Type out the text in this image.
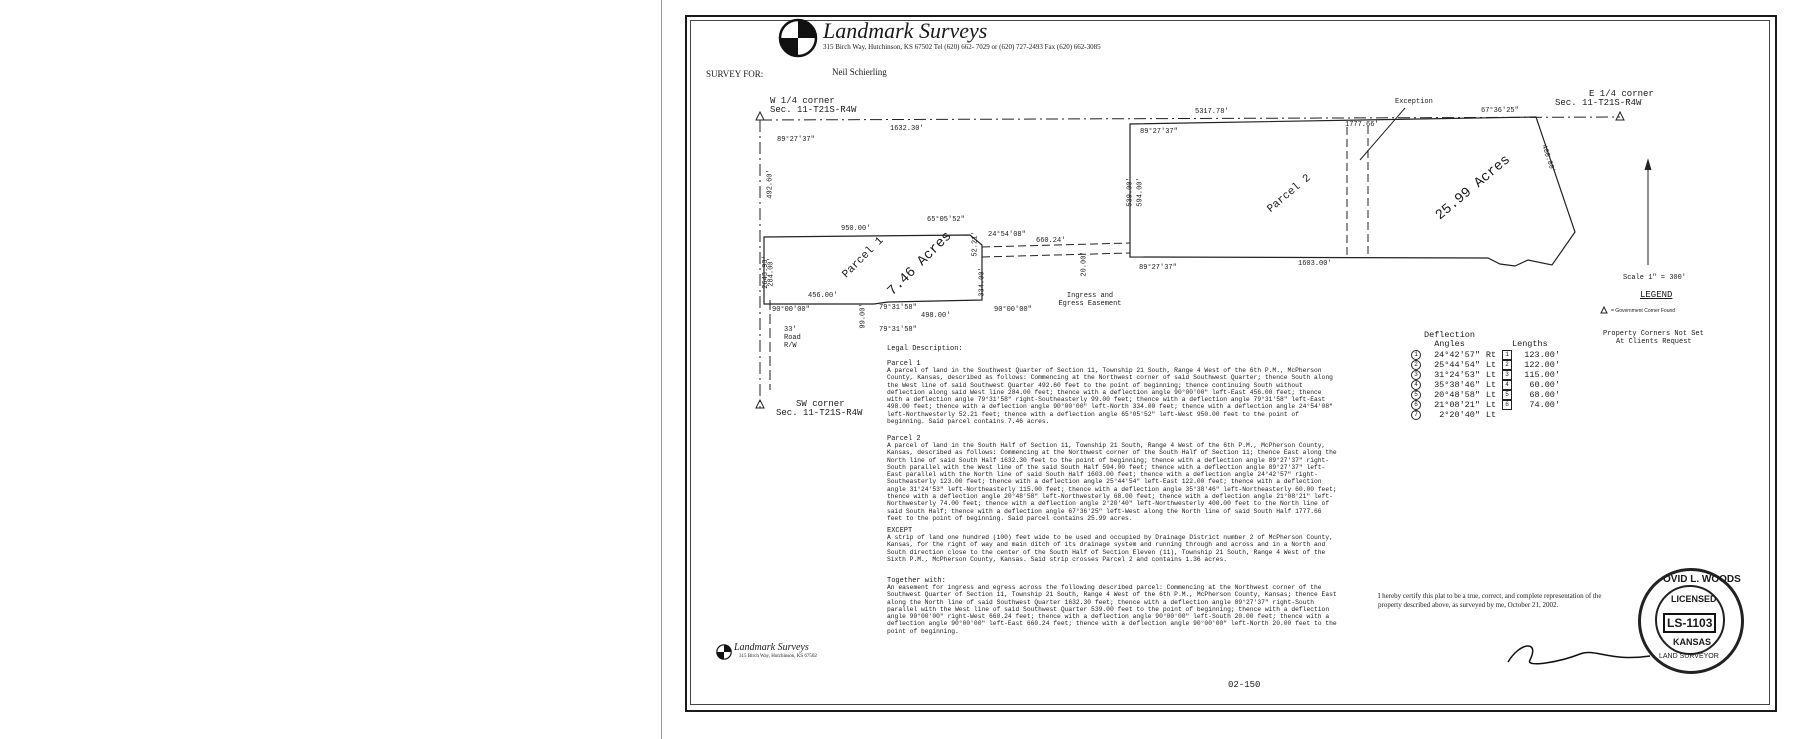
Landmark Surveys
315 Birch Way, Hutchinson, KS 67502 Tel (620) 662- 7029 or (620) 727-2493 Fax (620) 662-3085
SURVEY FOR:	Neil Schierling
W 1/4 corner
Sec. 11-T21S-R4W
E 1/4 corner
Sec. 11-T21S-R4W
SW corner
Sec. 11-T21S-R4W
5317.78'
1632.30'	1777.66'
Exception
67°36'25"
89°27'37"
89°27'37"
89°27'37"
492.60'
2643.93'
284.00'
950.00'
65°05'52"
52.21' 24°54'08"
660.24'
20.00'
456.00'
498.00'
334.00'
99.00'
90°00'00"	90°00'00"
79°31'58"
79°31'58"
539.00' 594.00'
1603.00'
400.00'
Parcel 1
7.46 Acres
Parcel 2	25.99 Acres
Ingress and Egress Easement
33'
Road
R/W
Scale 1" = 300'
LEGEND
= Government Corner Found
Property Corners Not Set
At Clients Request
Deflection
Angles	Lengths
1	24°42'57" Rt	1	123.00'
2	25°44'54" Lt	2	122.00'
3	31°24'53" Lt	3	115.00'
4	35°38'46" Lt	4	60.00'
5	20°48'58" Lt	5	68.00'
6	21°08'21" Lt	6	74.00'
7	2°20'40" Lt
Legal Description:
Parcel 1
A parcel of land in the Southwest Quarter of Section 11, Township 21 South, Range 4 West of the 6th P.M., McPherson County, Kansas, described as follows: Commencing at the Northwest corner of said Southwest Quarter; thence South along the West line of said Southwest Quarter 492.60 feet to the point of beginning; thence continuing South without deflection along said West line 284.00 feet; thence with a deflection angle 90°00'00" left-East 456.00 feet; thence with a deflection angle 79°31'58" right-Southeasterly 99.00 feet; thence with a deflection angle 79°31'58" left-East 498.00 feet; thence with a deflection angle 90°00'00" left-North 334.00 feet; thence with a deflection angle 24°54'08" left-Northwesterly 52.21 feet; thence with a deflection angle 65°05'52" left-West 950.00 feet to the point of beginning. Said parcel contains 7.46 acres.
Parcel 2
A parcel of land in the South Half of Section 11, Township 21 South, Range 4 West of the 6th P.M., McPherson County, Kansas, described as follows: Commencing at the Northwest corner of the South Half of Section 11; thence East along the North line of said South Half 1632.30 feet to the point of beginning; thence with a deflection angle 89°27'37" right-South parallel with the West line of the said South Half 594.00 feet; thence with a deflection angle 89°27'37" left-East parallel with the North line of said South Half 1603.00 feet; thence with a deflection angle 24°42'57" right-Southeasterly 123.00 feet; thence with a deflection angle 25°44'54" left-East 122.00 feet; thence with a deflection angle 31°24'53" left-Northeasterly 115.00 feet; thence with a deflection angle 35°38'46" left-Northeasterly 60.00 feet; thence with a deflection angle 20°48'58" left-Northwesterly 68.00 feet; thence with a deflection angle 21°08'21" left-Northwesterly 74.00 feet; thence with a deflection angle 2°20'40" left-Northwesterly 400.00 feet to the North line of said South Half; thence with a deflection angle 67°36'25" left-West along the North line of said South Half 1777.66 feet to the point of beginning. Said parcel contains 25.99 acres.
EXCEPT
A strip of land one hundred (100) feet wide to be used and occupied by Drainage District number 2 of McPherson County, Kansas, for the right of way and main ditch of its drainage system and running through and across and in a North and South direction close to the center of the South Half of Section Eleven (11), Township 21 South, Range 4 West of the Sixth P.M., McPherson County, Kansas. Said strip crosses Parcel 2 and contains 1.36 acres.
Together with:
An easement for ingress and egress across the following described parcel: Commencing at the Northwest corner of the Southwest Quarter of Section 11, Township 21 South, Range 4 West of the 6th P.M., McPherson County, Kansas; thence East along the North line of said Southwest Quarter 1632.30 feet; thence with a deflection angle 89°27'37" right-South parallel with the West line of said Southwest Quarter 539.00 feet to the point of beginning; thence with a deflection angle 90°00'00" right-West 660.24 feet; thence with a deflection angle 90°00'00" left-South 20.00 feet; thence with a deflection angle 90°00'00" left-East 660.24 feet; thence with a deflection angle 90°00'00" left-North 20.00 feet to the point of beginning.
Landmark Surveys
315 Birch Way, Hutchinson, KS 67502
I hereby certify this plat to be a true, correct, and complete representation of the property described above, as surveyed by me, October 21, 2002.
02-150
OVID L. WOODS
LICENSED
LS-1103
KANSAS
LAND SURVEYOR
